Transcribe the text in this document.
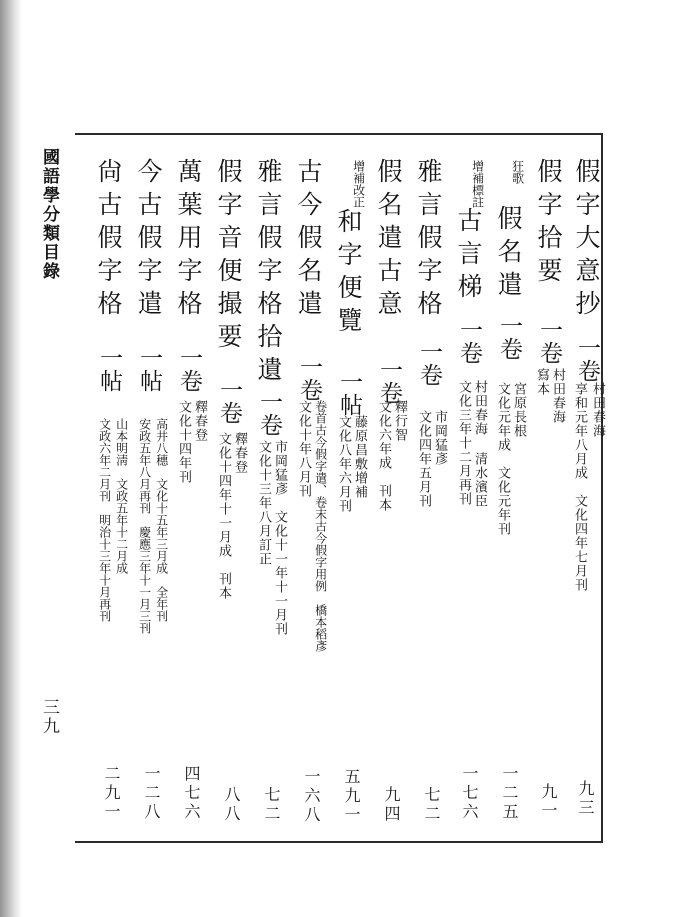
國語學分類目錄
三九
假字大意抄
一卷
村田春海
享和元年八月成　文化四年七月刊
九三
假字拾要
一卷
村田春海
寫本
九一
狂歌
假名遣
一卷
宮原長根
文化元年成　文化元年刊
一二五
增補標註
古言梯
一卷
村田春海 清水濱臣
文化三年十二月再刊
一七六
雅言假字格
一卷
市岡猛彥
文化四年五月刊
七二
假名遣古意
一卷
釋行智
文化六年成　刊本
九四
增補改正
和字便覽
一帖
藤原昌敷增補
文化八年六月刊
五九一
古今假名遣
一卷
卷首古今假字遣、卷末古今假字用例　橋本稻彥
文化十年八月刊
一六八
雅言假字格拾遺
一卷
市岡猛彥　文化十一年十一月刊
文化十三年八月訂正
七二
假字音便撮要
一卷
釋春登
文化十四年十一月成　刊本
八八
萬葉用字格
一卷
釋春登
文化十四年刊
四七六
今古假字遣
一帖
高井八穗　文化十五年三月成　全年刊
安政五年八月再刊　慶應三年十一月三刊
一二八
尙古假字格
一帖
山本明淸　文政五年十二月成
文政六年二月刊　明治十三年十月再刊
二九一
